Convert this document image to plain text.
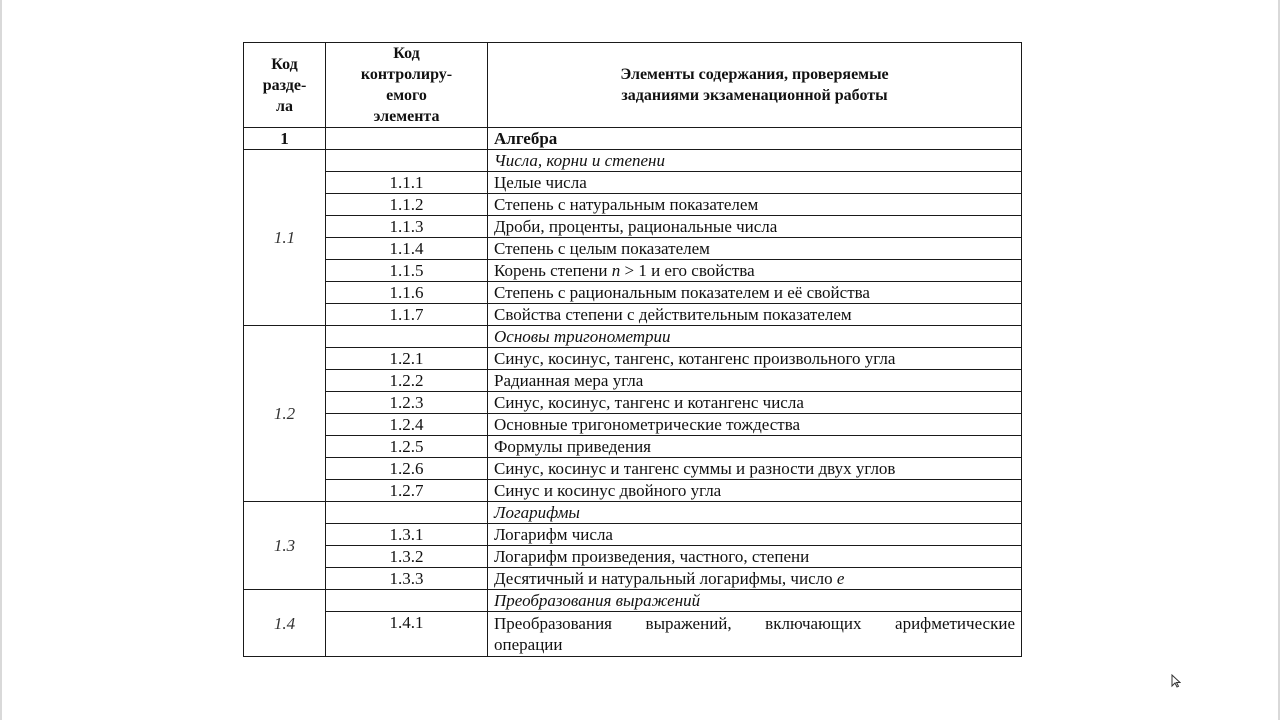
Код
разде-
ла	Код
контролиру-
емого
элемента	Элементы содержания, проверяемые
заданиями экзаменационной работы

1		Алгебра
1.1		Числа, корни и степени
	1.1.1	Целые числа
	1.1.2	Степень с натуральным показателем
	1.1.3	Дроби, проценты, рациональные числа
	1.1.4	Степень с целым показателем
	1.1.5	Корень степени n > 1 и его свойства
	1.1.6	Степень с рациональным показателем и её свойства
	1.1.7	Свойства степени с действительным показателем
1.2		Основы тригонометрии
	1.2.1	Синус, косинус, тангенс, котангенс произвольного угла
	1.2.2	Радианная мера угла
	1.2.3	Синус, косинус, тангенс и котангенс числа
	1.2.4	Основные тригонометрические тождества
	1.2.5	Формулы приведения
	1.2.6	Синус, косинус и тангенс суммы и разности двух углов
	1.2.7	Синус и косинус двойного угла
1.3		Логарифмы
	1.3.1	Логарифм числа
	1.3.2	Логарифм произведения, частного, степени
	1.3.3	Десятичный и натуральный логарифмы, число e
1.4		Преобразования выражений
	1.4.1	Преобразования выражений, включающих арифметические
операции
